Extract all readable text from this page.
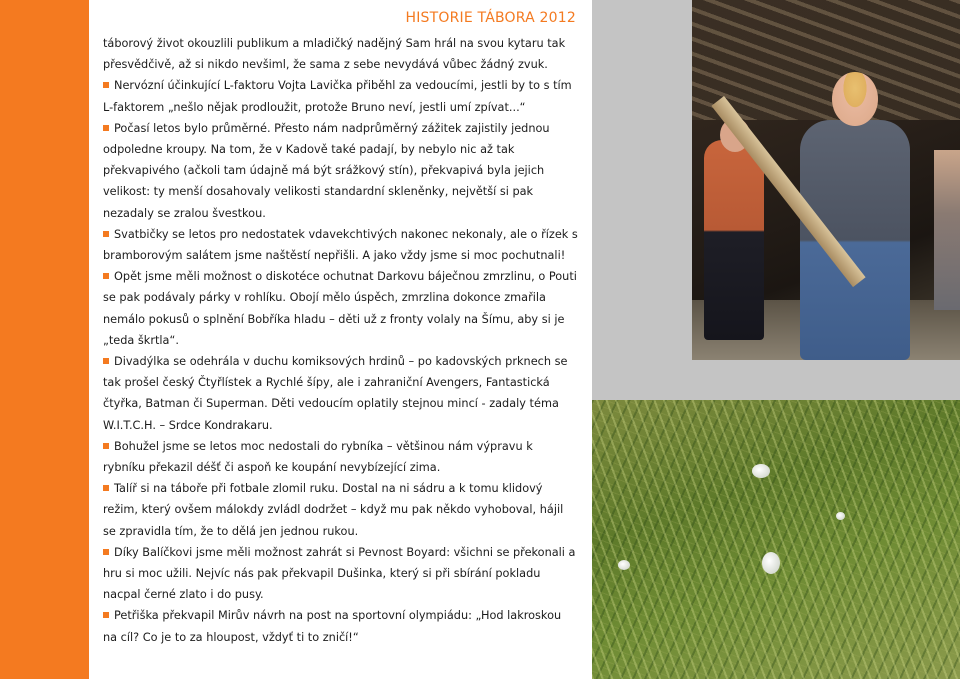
HISTORIE TÁBORA 2012

táborový život okouzlili publikum a mladičký nadějný Sam hrál na svou kytaru tak přesvědčivě, až si nikdo nevšiml, že sama z sebe nevydává vůbec žádný zvuk.

Nervózní účinkující L-faktoru Vojta Lavička přiběhl za vedoucími, jestli by to s tím L-faktorem „nešlo nějak prodloužit, protože Bruno neví, jestli umí zpívat...“

Počasí letos bylo průměrné. Přesto nám nadprůměrný zážitek zajistily jednou odpoledne kroupy. Na tom, že v Kadově také padají, by nebylo nic až tak překvapivého (ačkoli tam údajně má být srážkový stín), překvapivá byla jejich velikost: ty menší dosahovaly velikosti standardní skleněnky, největší si pak nezadaly se zralou švestkou.

Svatbičky se letos pro nedostatek vdavekchtivých nakonec nekonaly, ale o řízek s bramborovým salátem jsme naštěstí nepřišli. A jako vždy jsme si moc pochutnali!

Opět jsme měli možnost o diskotéce ochutnat Darkovu báječnou zmrzlinu, o Pouti se pak podávaly párky v rohlíku. Obojí mělo úspěch, zmrzlina dokonce zmařila nemálo pokusů o splnění Bobříka hladu – děti už z fronty volaly na Šímu, aby si je „teda škrtla“.

Divadýlka se odehrála v duchu komiksových hrdinů – po kadovských prknech se tak prošel český Čtyřlístek a Rychlé šípy, ale i zahraniční Avengers, Fantastická čtyřka, Batman či Superman. Děti vedoucím oplatily stejnou mincí - zadaly téma W.I.T.C.H. – Srdce Kondrakaru.

Bohužel jsme se letos moc nedostali do rybníka – většinou nám výpravu k rybníku překazil déšť či aspoň ke koupání nevybízející zima.

Talíř si na táboře při fotbale zlomil ruku. Dostal na ni sádru a k tomu klidový režim, který ovšem málokdy zvládl dodržet – když mu pak někdo vyhoboval, hájil se zpravidla tím, že to dělá jen jednou rukou.

Díky Balíčkovi jsme měli možnost zahrát si Pevnost Boyard: všichni se překonali a hru si moc užili. Nejvíc nás pak překvapil Dušinka, který si při sbírání pokladu nacpal černé zlato i do pusy.

Petřiška překvapil Mirův návrh na post na sportovní olympiádu: „Hod lakroskou na cíl? Co je to za hloupost, vždyť ti to zničí!“
